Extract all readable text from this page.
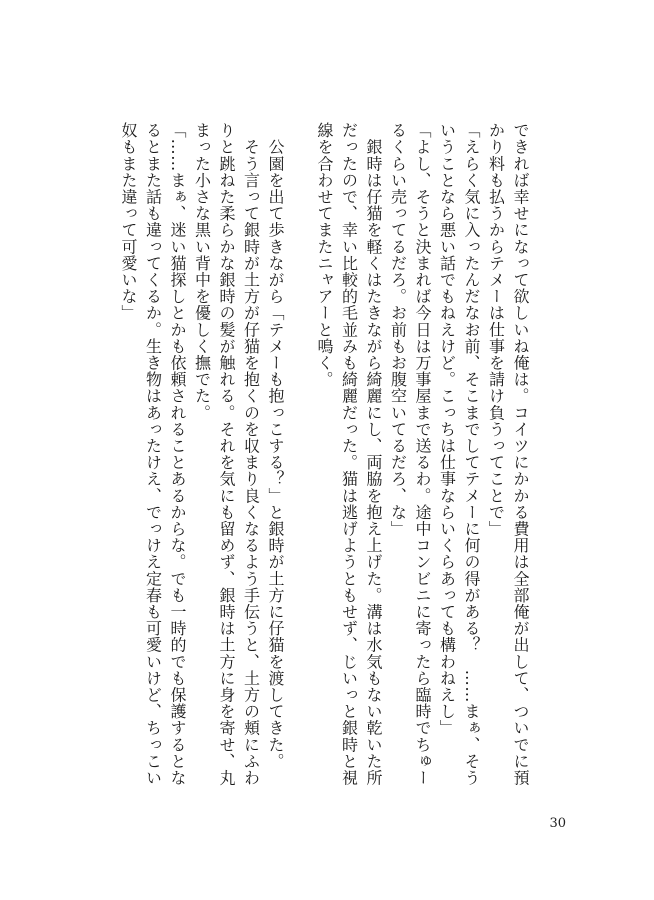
できれば幸せになって欲しいね俺は。コイツにかかる費用は全部俺が出して、ついでに預
かり料も払うからテメーは仕事を請け負うってことで」
「えらく気に入ったんだなお前、そこまでしてテメーに何の得がある？　……まぁ、そう
いうことなら悪い話でもねえけど。こっちは仕事ならいくらあっても構わねえし」
「よし、そうと決まれば今日は万事屋まで送るわ。途中コンビニに寄ったら臨時でちゅー
るくらい売ってるだろ。お前もお腹空いてるだろ、な」
　銀時は仔猫を軽くはたきながら綺麗にし、両脇を抱え上げた。溝は水気もない乾いた所
だったので、幸い比較的毛並みも綺麗だった。猫は逃げようともせず、じいっと銀時と視
線を合わせてまたニャアーと鳴く。
　公園を出て歩きながら「テメーも抱っこする？」と銀時が土方に仔猫を渡してきた。
　そう言って銀時が土方が仔猫を抱くのを収まり良くなるよう手伝うと、土方の頬にふわ
りと跳ねた柔らかな銀時の髪が触れる。それを気にも留めず、銀時は土方に身を寄せ、丸
まった小さな黒い背中を優しく撫でた。
「……まぁ、迷い猫探しとかも依頼されることあるからな。でも一時的でも保護するとな
るとまた話も違ってくるか。生き物はあったけえ、でっけえ定春も可愛いけど、ちっこい
奴もまた違って可愛いな」
30
